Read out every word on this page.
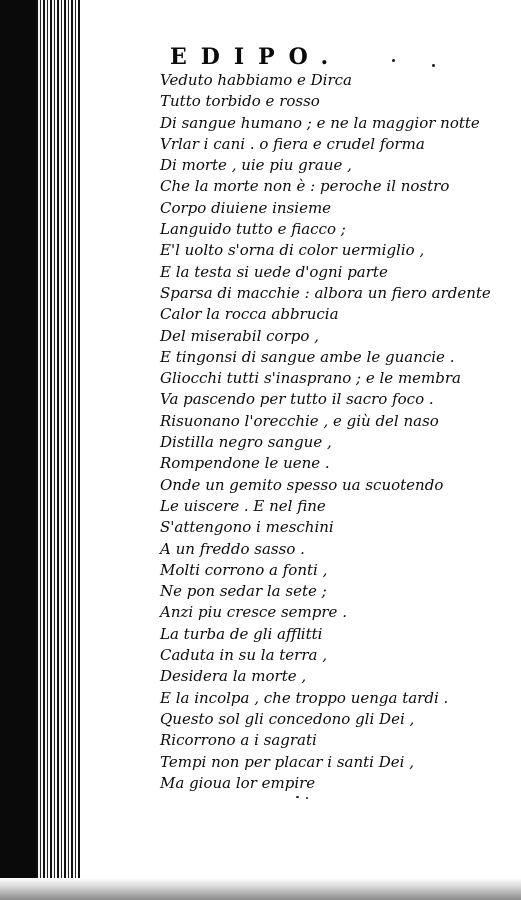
EDIPO.
Veduto habbiamo e Dirca
Tutto torbido e rosso
Di sangue humano ; e ne la maggior notte
Vrlar i cani . o fiera e crudel forma
Di morte , uie piu graue ,
Che la morte non è : peroche il nostro
Corpo diuiene insieme
Languido tutto e fiacco ;
E'l uolto s'orna di color uermiglio ,
E la testa si uede d'ogni parte
Sparsa di macchie : albora un fiero ardente
Calor la rocca abbrucia
Del miserabil corpo ,
E tingonsi di sangue ambe le guancie .
Gliocchi tutti s'inasprano ; e le membra
Va pascendo per tutto il sacro foco .
Risuonano l'orecchie , e giù del naso
Distilla negro sangue ,
Rompendone le uene .
Onde un gemito spesso ua scuotendo
Le uiscere . E nel fine
S'attengono i meschini
A un freddo sasso .
Molti corrono a fonti ,
Ne pon sedar la sete ;
Anzi piu cresce sempre .
La turba de gli afflitti
Caduta in su la terra ,
Desidera la morte ,
E la incolpa , che troppo uenga tardi .
Questo sol gli concedono gli Dei ,
Ricorrono a i sagrati
Tempi non per placar i santi Dei ,
Ma gioua lor empire
